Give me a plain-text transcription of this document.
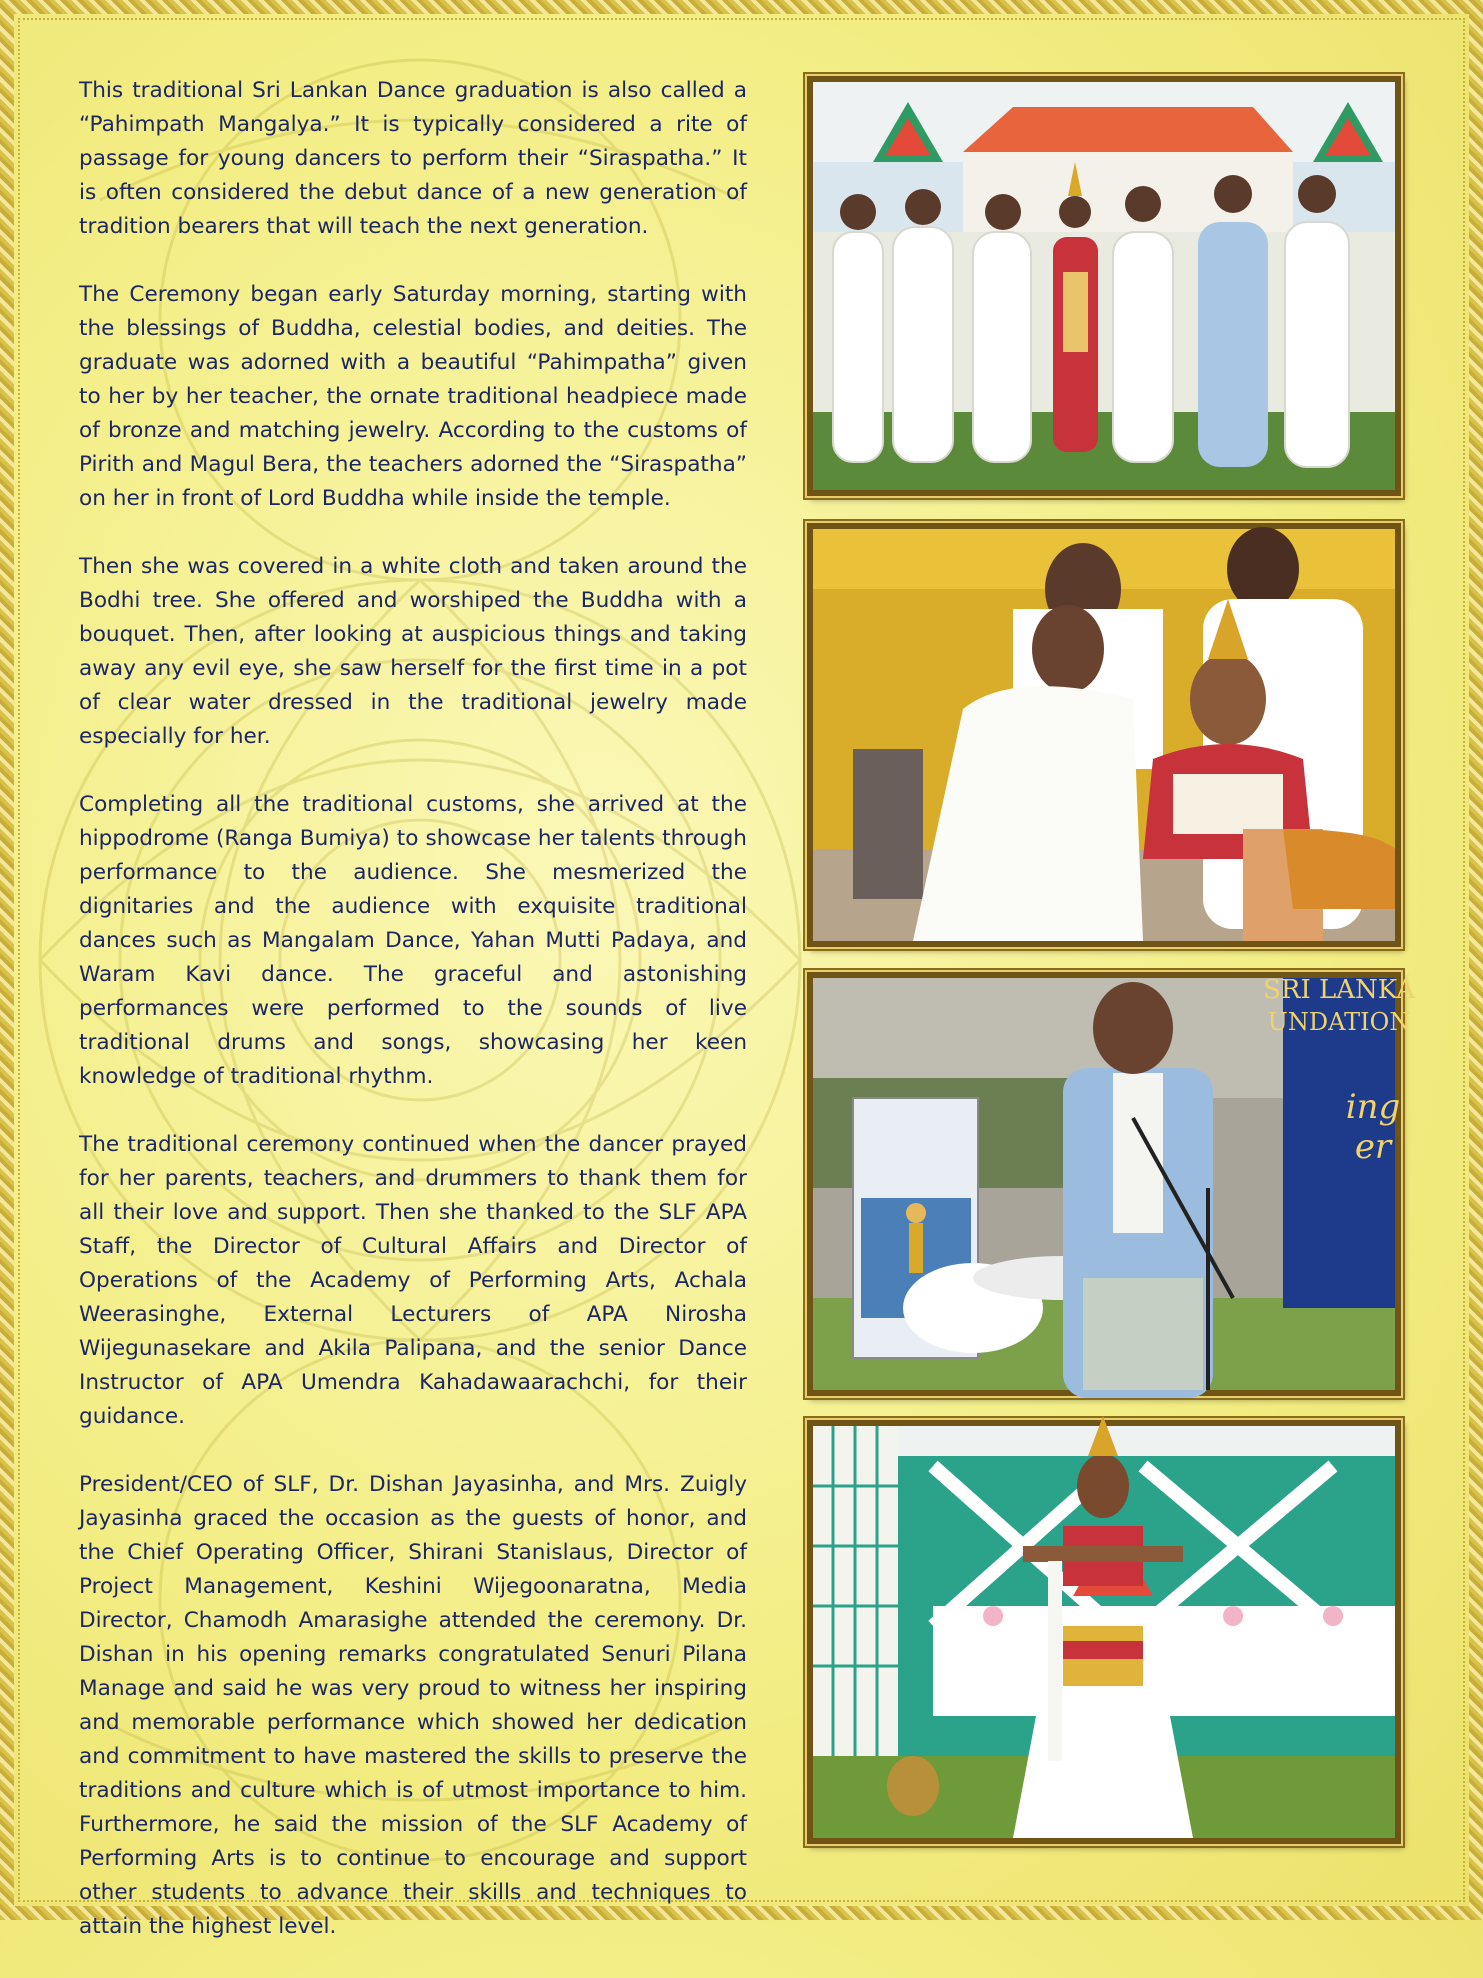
This traditional Sri Lankan Dance graduation is also called a “Pahimpath Mangalya.” It is typically considered a rite of passage for young dancers to perform their “Siraspatha.” It is often considered the debut dance of a new generation of tradition bearers that will teach the next generation.

The Ceremony began early Saturday morning, starting with the blessings of Buddha, celestial bodies, and deities. The graduate was adorned with a beautiful “Pahimpatha” given to her by her teacher, the ornate traditional headpiece made of bronze and matching jewelry. According to the customs of Pirith and Magul Bera, the teachers adorned the “Siraspatha” on her in front of Lord Buddha while inside the temple.

Then she was covered in a white cloth and taken around the Bodhi tree. She offered and worshiped the Buddha with a bouquet. Then, after looking at auspicious things and taking away any evil eye, she saw herself for the first time in a pot of clear water dressed in the traditional jewelry made especially for her.

Completing all the traditional customs, she arrived at the hippodrome (Ranga Bumiya) to showcase her talents through performance to the audience. She mesmerized the dignitaries and the audience with exquisite traditional dances such as Mangalam Dance, Yahan Mutti Padaya, and Waram Kavi dance. The graceful and astonishing performances were performed to the sounds of live traditional drums and songs, showcasing her keen knowledge of traditional rhythm.

The traditional ceremony continued when the dancer prayed for her parents, teachers, and drummers to thank them for all their love and support. Then she thanked to the SLF APA Staff, the Director of Cultural Affairs and Director of Operations of the Academy of Performing Arts, Achala Weerasinghe, External Lecturers of APA Nirosha Wijegunasekare and Akila Palipana, and the senior Dance Instructor of APA Umendra Kahadawaarachchi, for their guidance.

President/CEO of SLF, Dr. Dishan Jayasinha, and Mrs. Zuigly Jayasinha graced the occasion as the guests of honor, and the Chief Operating Officer, Shirani Stanislaus, Director of Project Management, Keshini Wijegoonaratna, Media Director, Chamodh Amarasighe attended the ceremony. Dr. Dishan in his opening remarks congratulated Senuri Pilana Manage and said he was very proud to witness her inspiring and memorable performance which showed her dedication and commitment to have mastered the skills to preserve the traditions and culture which is of utmost importance to him. Furthermore, he said the mission of the SLF Academy of Performing Arts is to continue to encourage and support other students to advance their skills and techniques to attain the highest level.

SRI LANKA
UNDATION
ing
er
